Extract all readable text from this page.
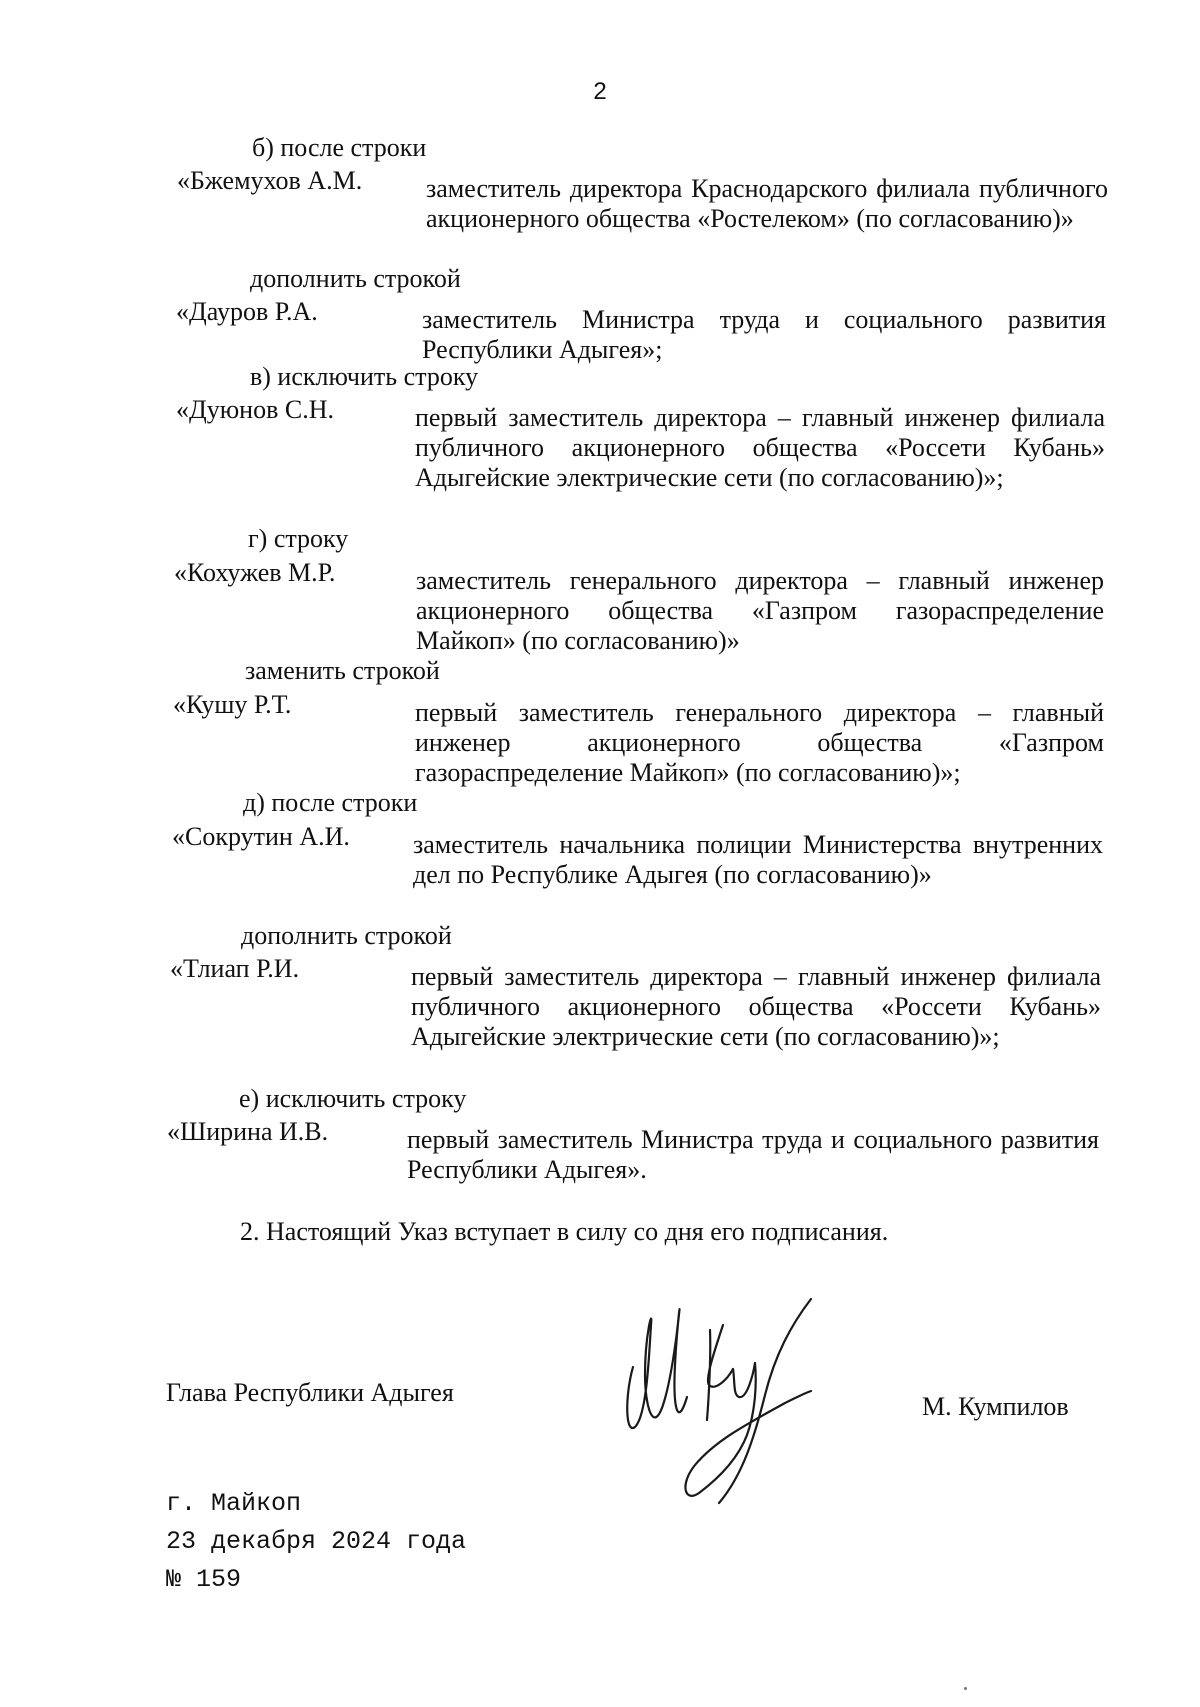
2
б) после строки
«Бжемухов А.М. заместитель директора Краснодарского филиала публичного акционерного общества «Ростелеком» (по согласованию)»
дополнить строкой
«Дауров Р.А.	заместитель Министра труда и социального развития Республики Адыгея»;
в) исключить строку
«Дуюнов С.Н.	первый заместитель директора – главный инженер филиала публичного акционерного общества «Россети Кубань» Адыгейские электрические сети (по согласованию)»;
г) строку
«Кохужев М.Р.	заместитель генерального директора – главный инженер акционерного общества «Газпром газораспределение Майкоп» (по согласованию)»
заменить строкой
«Кушу Р.Т.	первый заместитель генерального директора – главный инженер акционерного общества «Газпром газораспределение Майкоп» (по согласованию)»;
д) после строки
«Сокрутин А.И. заместитель начальника полиции Министерства внутренних дел по Республике Адыгея (по согласованию)»
дополнить строкой
«Тлиап Р.И.	первый заместитель директора – главный инженер филиала публичного акционерного общества «Россети Кубань» Адыгейские электрические сети (по согласованию)»;
е) исключить строку
«Ширина И.В.	первый заместитель Министра труда и социального развития Республики Адыгея».
2. Настоящий Указ вступает в силу со дня его подписания.
Глава Республики Адыгея	М. Кумпилов
г. Майкоп
23 декабря 2024 года
№ 159
